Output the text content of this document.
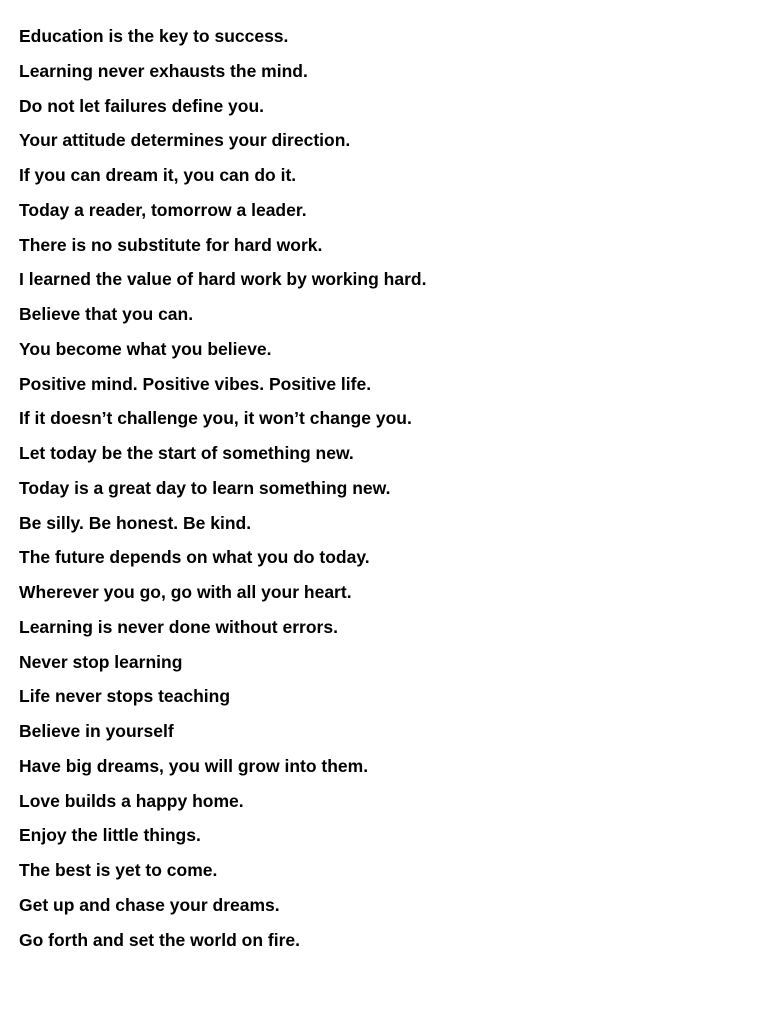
Education is the key to success.
Learning never exhausts the mind.
Do not let failures define you.
Your attitude determines your direction.
If you can dream it, you can do it.
Today a reader, tomorrow a leader.
There is no substitute for hard work.
I learned the value of hard work by working hard.
Believe that you can.
You become what you believe.
Positive mind. Positive vibes. Positive life.
If it doesn’t challenge you, it won’t change you.
Let today be the start of something new.
Today is a great day to learn something new.
Be silly. Be honest. Be kind.
The future depends on what you do today.
Wherever you go, go with all your heart.
Learning is never done without errors.
Never stop learning
Life never stops teaching
Believe in yourself
Have big dreams, you will grow into them.
Love builds a happy home.
Enjoy the little things.
The best is yet to come.
Get up and chase your dreams.
Go forth and set the world on fire.
